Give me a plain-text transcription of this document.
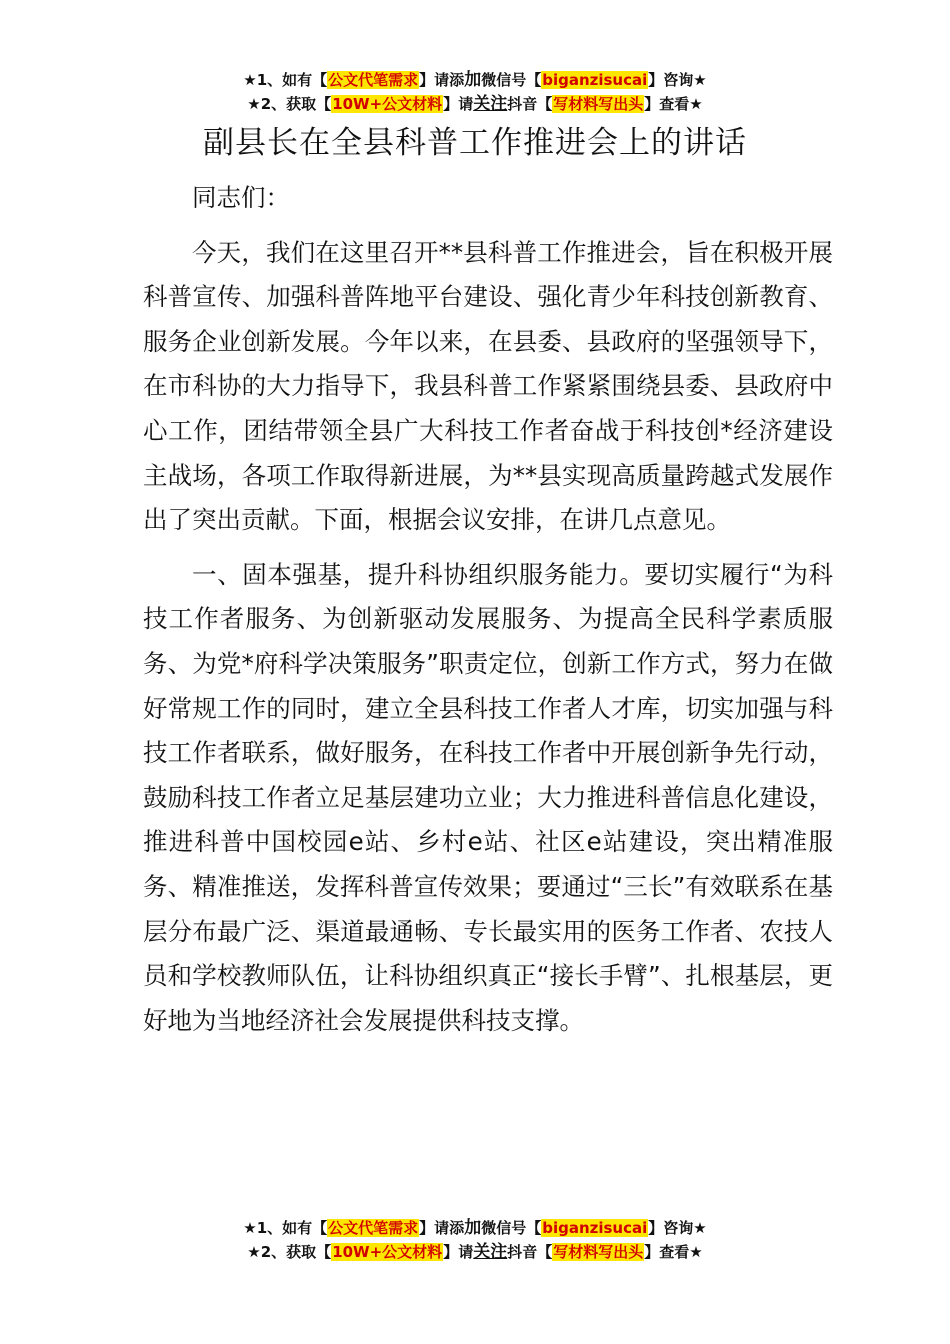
★1、如有【公文代笔需求】请添加微信号【biganzisucai】咨询★
★2、获取【10W+公文材料】请关注抖音【写材料写出头】查看★
副县长在全县科普工作推进会上的讲话

同志们：

今天，我们在这里召开**县科普工作推进会，旨在积极开展科普宣传、加强科普阵地平台建设、强化青少年科技创新教育、服务企业创新发展。今年以来，在县委、县政府的坚强领导下，在市科协的大力指导下，我县科普工作紧紧围绕县委、县政府中心工作，团结带领全县广大科技工作者奋战于科技创*经济建设主战场，各项工作取得新进展，为**县实现高质量跨越式发展作出了突出贡献。下面，根据会议安排，在讲几点意见。

一、固本强基，提升科协组织服务能力。要切实履行“为科技工作者服务、为创新驱动发展服务、为提高全民科学素质服务、为党*府科学决策服务”职责定位，创新工作方式，努力在做好常规工作的同时，建立全县科技工作者人才库，切实加强与科技工作者联系，做好服务，在科技工作者中开展创新争先行动，鼓励科技工作者立足基层建功立业；大力推进科普信息化建设，推进科普中国校园e站、乡村e站、社区e站建设，突出精准服务、精准推送，发挥科普宣传效果；要通过“三长”有效联系在基层分布最广泛、渠道最通畅、专长最实用的医务工作者、农技人员和学校教师队伍，让科协组织真正“接长手臂”、扎根基层，更好地为当地经济社会发展提供科技支撑。

★1、如有【公文代笔需求】请添加微信号【biganzisucai】咨询★
★2、获取【10W+公文材料】请关注抖音【写材料写出头】查看★
